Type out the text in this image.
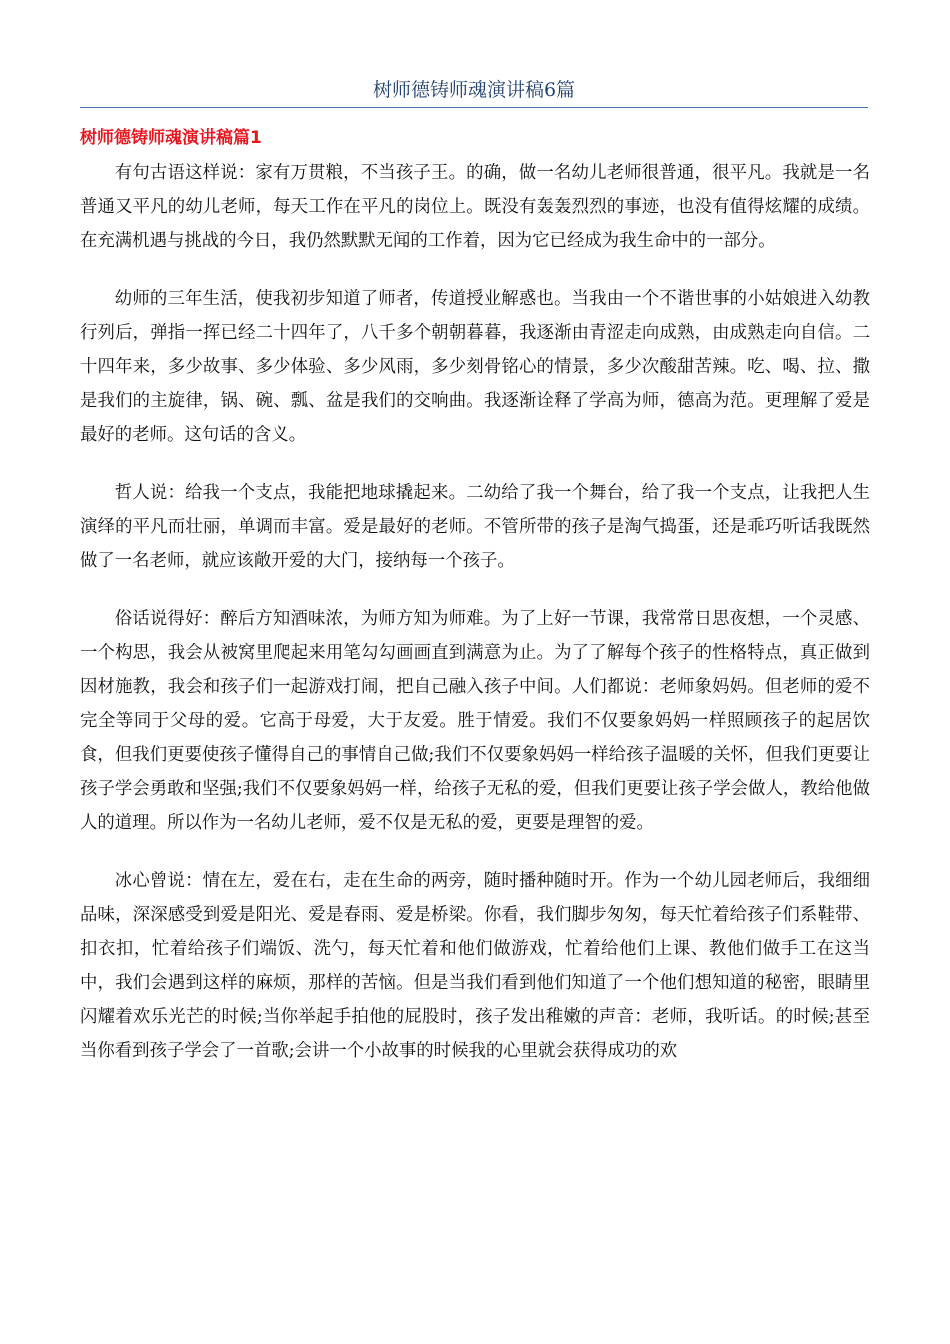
树师德铸师魂演讲稿6篇
树师德铸师魂演讲稿篇1

有句古语这样说：家有万贯粮，不当孩子王。的确，做一名幼儿老师很普通，很平凡。我就是一名普通又平凡的幼儿老师，每天工作在平凡的岗位上。既没有轰轰烈烈的事迹，也没有值得炫耀的成绩。在充满机遇与挑战的今日，我仍然默默无闻的工作着，因为它已经成为我生命中的一部分。

幼师的三年生活，使我初步知道了师者，传道授业解惑也。当我由一个不谐世事的小姑娘进入幼教行列后，弹指一挥已经二十四年了，八千多个朝朝暮暮，我逐渐由青涩走向成熟，由成熟走向自信。二十四年来，多少故事、多少体验、多少风雨，多少刻骨铭心的情景，多少次酸甜苦辣。吃、喝、拉、撒是我们的主旋律，锅、碗、瓢、盆是我们的交响曲。我逐渐诠释了学高为师，德高为范。更理解了爱是最好的老师。这句话的含义。

哲人说：给我一个支点，我能把地球撬起来。二幼给了我一个舞台，给了我一个支点，让我把人生演绎的平凡而壮丽，单调而丰富。爱是最好的老师。不管所带的孩子是淘气捣蛋，还是乖巧听话我既然做了一名老师，就应该敞开爱的大门，接纳每一个孩子。

俗话说得好：醉后方知酒味浓，为师方知为师难。为了上好一节课，我常常日思夜想，一个灵感、一个构思，我会从被窝里爬起来用笔勾勾画画直到满意为止。为了了解每个孩子的性格特点，真正做到因材施教，我会和孩子们一起游戏打闹，把自己融入孩子中间。人们都说：老师象妈妈。但老师的爱不完全等同于父母的爱。它高于母爱，大于友爱。胜于情爱。我们不仅要象妈妈一样照顾孩子的起居饮食，但我们更要使孩子懂得自己的事情自己做;我们不仅要象妈妈一样给孩子温暖的关怀，但我们更要让孩子学会勇敢和坚强;我们不仅要象妈妈一样，给孩子无私的爱，但我们更要让孩子学会做人，教给他做人的道理。所以作为一名幼儿老师，爱不仅是无私的爱，更要是理智的爱。

冰心曾说：情在左，爱在右，走在生命的两旁，随时播种随时开。作为一个幼儿园老师后，我细细品味，深深感受到爱是阳光、爱是春雨、爱是桥梁。你看，我们脚步匆匆，每天忙着给孩子们系鞋带、扣衣扣，忙着给孩子们端饭、洗勺，每天忙着和他们做游戏，忙着给他们上课、教他们做手工在这当中，我们会遇到这样的麻烦，那样的苦恼。但是当我们看到他们知道了一个他们想知道的秘密，眼睛里闪耀着欢乐光芒的时候;当你举起手拍他的屁股时，孩子发出稚嫩的声音：老师，我听话。的时候;甚至当你看到孩子学会了一首歌;会讲一个小故事的时候我的心里就会获得成功的欢
